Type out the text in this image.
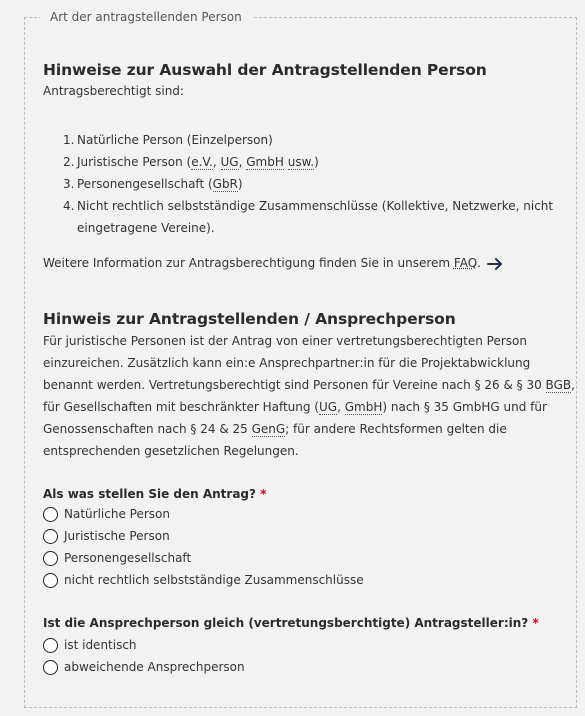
Art der antragstellenden Person
Hinweise zur Auswahl der Antragstellenden Person
Antragsberechtigt sind:
1. Natürliche Person (Einzelperson)
2. Juristische Person (e.V., UG, GmbH usw.)
3. Personengesellschaft (GbR)
4. Nicht rechtlich selbstständige Zusammenschlüsse (Kollektive, Netzwerke, nicht
eingetragene Vereine).
Weitere Information zur Antragsberechtigung finden Sie in unserem FAQ.
Hinweis zur Antragstellenden / Ansprechperson
Für juristische Personen ist der Antrag von einer vertretungsberechtigten Person
einzureichen. Zusätzlich kann ein:e Ansprechpartner:in für die Projektabwicklung
benannt werden. Vertretungsberechtigt sind Personen für Vereine nach § 26 & § 30 BGB,
für Gesellschaften mit beschränkter Haftung (UG, GmbH) nach § 35 GmbHG und für
Genossenschaften nach § 24 & 25 GenG; für andere Rechtsformen gelten die
entsprechenden gesetzlichen Regelungen.
Als was stellen Sie den Antrag? *
Natürliche Person
Juristische Person
Personengesellschaft
nicht rechtlich selbstständige Zusammenschlüsse
Ist die Ansprechperson gleich (vertretungsberchtigte) Antragsteller:in? *
ist identisch
abweichende Ansprechperson
